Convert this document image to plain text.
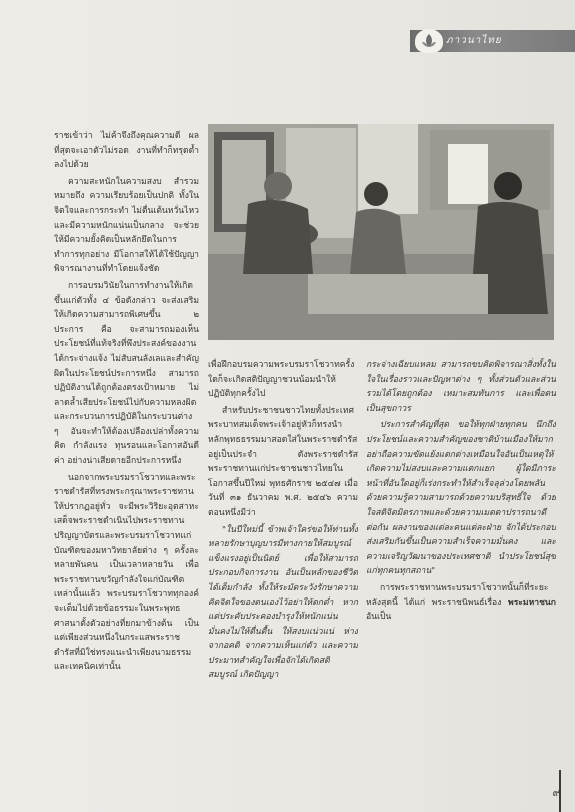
ภาวนาไทย

ราชเข้าว่า ไม่ค้าจึงถึงคุณความดี ผล ที่สุดจะเอาตัวไม่รอด งานที่ทำก็ทรุดด้ำ ลงไปด้วย

ความสะหนักในความสงบ สำรวม หมายถึง ความเรียบร้อยเป็นปกติ ทั้งในจิตใจและการกระทำ ไม่ตื่นเต้นหวั่นไหวและมีความหนักแน่นเป็นกลาง จะช่วยให้มีความยั้งคิดเป็นหลักยึดในการทำการทุกอย่าง มีโอกาสให้ได้ใช้ปัญญาพิจารณางานที่ทำโดยแจ้งชัด

การอบรมวินัยในการทำงานให้เกิดขึ้นแก่ตัวทั้ง ๔ ข้อดังกล่าว จะส่งเสริมให้เกิดความสามารถพิเศษขึ้น ๒ ประการ คือ จะสามารถมองเห็นประโยชน์ที่แท้จริงที่พึงประสงค์ของงานได้กระจ่างแจ้ง ไม่สับสนลังเลและสำคัญผิดในประโยชน์ประการหนึ่ง สามารถปฏิบัติงานได้ถูกต้องตรงเป้าหมาย ไม่ลาดล้ำเสียประโยชน์ไปกับความหลงผิดและกระบวนการปฏิบัติในกระบวนต่าง ๆ อันจะทำให้ต้องเปลืองเปล่าทั้งความคิด กำลังแรง ทุนรอนและโอกาสอันดีค่า อย่างน่าเสียดายอีกประการหนึ่ง

นอกจากพระบรมราโชวาทและพระราชดำรัสที่ทรงพระกรุณาพระราชทานให้ปรากฏอยู่ทั่ว จะมีพระวิริยะอุตสาหะเสด็จพระราชดำเนินไปพระราชทานปริญญาบัตรและพระบรมราโชวาทแก่บัณฑิตของมหาวิทยาลัยต่าง ๆ ครั้งละหลายพันคน เป็นเวลาหลายวัน เพื่อพระราชทานขวัญกำลังใจแก่บัณฑิตเหล่านั้นแล้ว พระบรมราโชวาททุกองค์จะเต็มไปด้วยข้อธรรมะในพระพุทธศาสนาตั้งตัวอย่างที่ยกมาข้างต้น เป็นแต่เพียงส่วนหนึ่งในกระแสพระราชดำรัสที่มิใช่ทรงแนะนำเพียงนามธรรมและเทคนิคเท่านั้น

เพื่อฝึกอบรมความพระบรมราโชวาทครั้งใดก็จะเกิดสติปัญญาชวนน้อมนำให้ปฏิบัติทุกครั้งไป

สำหรับประชาชนชาวไทยทั้งประเทศ พระบาทสมเด็จพระเจ้าอยู่หัวก็ทรงนำหลักพุทธธรรมมาสอดใส่ในพระราชดำรัสอยู่เป็นประจำ ดังพระราชดำรัสพระราชทานแก่ประชาชนชาวไทยในโอกาสขึ้นปีใหม่ พุทธศักราช ๒๕๔๗ เมื่อวันที่ ๓๑ ธันวาคม พ.ศ. ๒๕๔๖ ความตอนหนึ่งมีว่า

"ในปีใหม่นี้ ข้าพเจ้าใคร่ขอให้ท่านทั้งหลายรักษาบุญบารมีทางกายให้สมบูรณ์แข็งแรงอยู่เป็นนิตย์ เพื่อให้สามารถประกอบกิจการงาน อันเป็นหลักของชีวิตได้เต็มกำลัง ทั้งให้ระมัดระวังรักษาความคิดจิตใจของตนเองไว้อย่าให้ตกต่ำ หากแต่ประคับประคองบำรุงให้หนักแน่นมั่นคงไม่ให้ตื่นตื้น ให้สงบแน่วแน่ ห่างจากอคติ จากความเห็นแก่ตัว และความประมาทสำคัญใจเพื่อจักได้เกิดสติสมบูรณ์ เกิดปัญญา

กระจ่างเฉียบแหลม สามารถขบคิดพิจารณาสิ่งทั้งในใจในเรื่องราวและปัญหาต่าง ๆ ทั้งส่วนตัวและส่วนรวมได้โดยถูกต้อง เหมาะสมทันการ และเพื่อตนเป็นสุขถาวร

ประการสำคัญที่สุด ขอให้ทุกฝ่ายทุกคน นึกถึงประโยชน์และความสำคัญของชาติบ้านเมืองให้มาก อย่าถือความขัดแย้งแตกต่างเหมือนใจอันเป็นเหตุให้เกิดความไม่สงบและความแตกแยก ผู้ใดมีภาระหน้าที่อันใดอยู่ก็เร่งกระทำให้สำเร็จลุล่วงโดยพลัน ด้วยความรู้ความสามารถด้วยความบริสุทธิ์ใจ ด้วยใจสติจิตมิตรภาพและด้วยความเมตตาปรารถนาดีต่อกัน ผลงานของแต่ละคนแต่ละฝ่าย จักได้ประกอบส่งเสริมกันขึ้นเป็นความสำเร็จความมั่นคง และความเจริญวัฒนาของประเทศชาติ นำประโยชน์สุขแก่ทุกคนทุกสถาน"

การพระราชทานพระบรมราโชวาทนั้นก็ที่ระยะหลังสุดนี้ ได้แก่ พระราชนิพนธ์เรื่อง พระมหาชนก อันเป็น

๙
